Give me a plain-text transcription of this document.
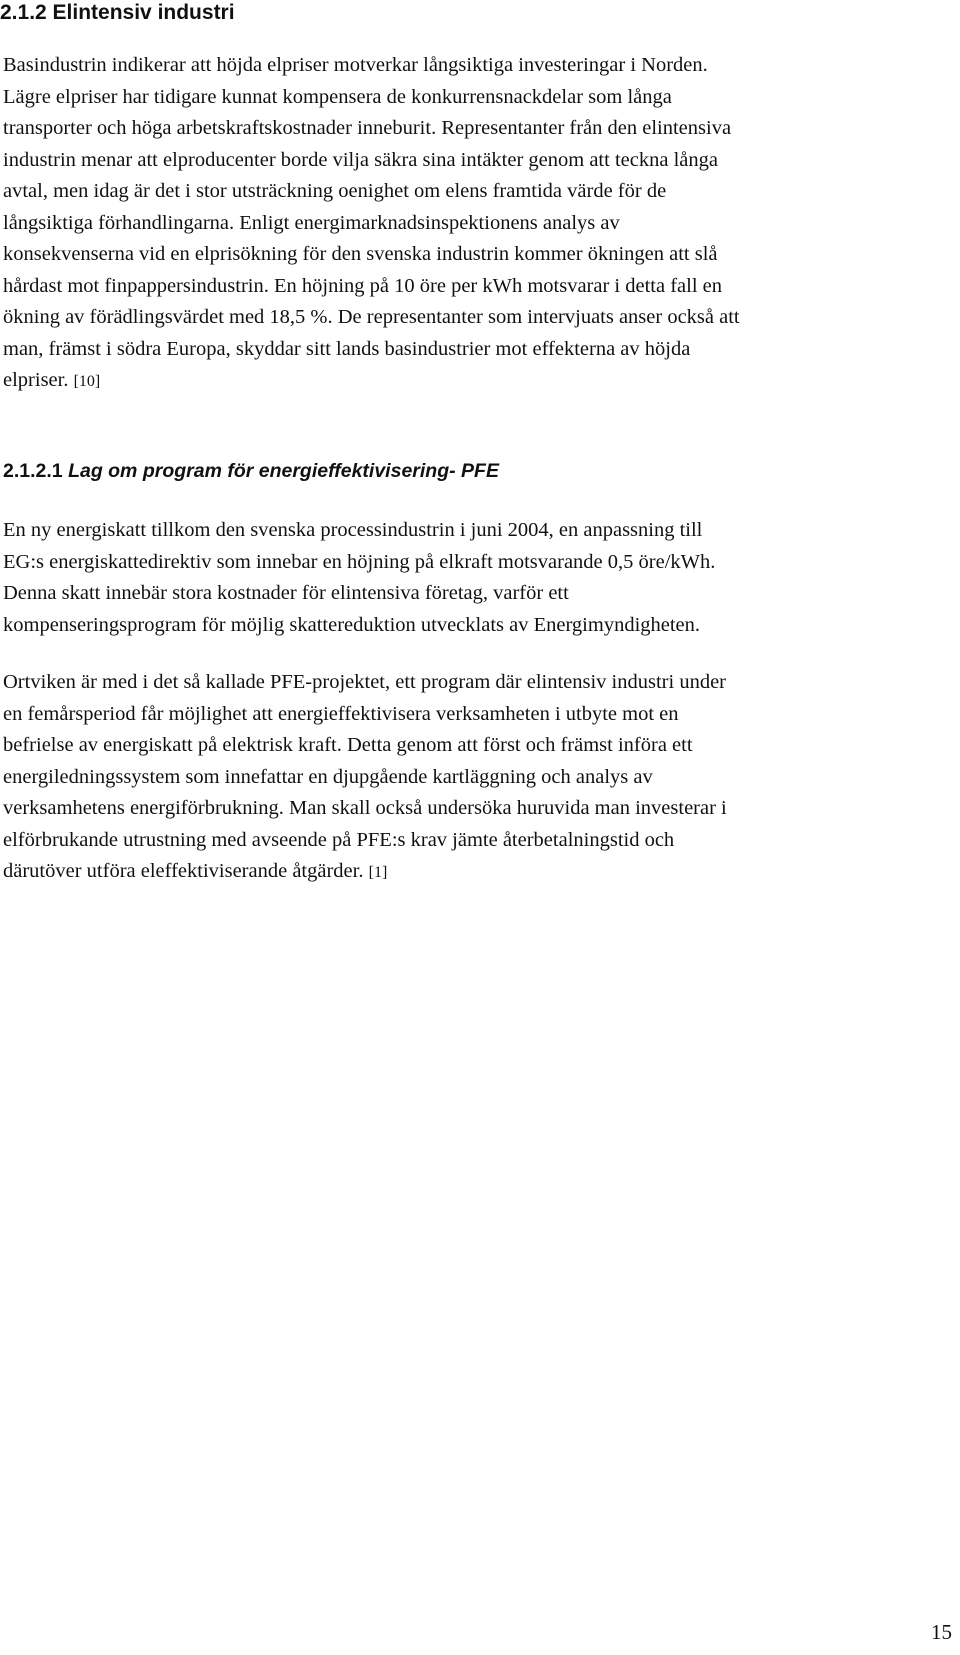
2.1.2 Elintensiv industri
Basindustrin indikerar att höjda elpriser motverkar långsiktiga investeringar i Norden.
Lägre elpriser har tidigare kunnat kompensera de konkurrensnackdelar som långa
transporter och höga arbetskraftskostnader inneburit. Representanter från den elintensiva
industrin menar att elproducenter borde vilja säkra sina intäkter genom att teckna långa
avtal, men idag är det i stor utsträckning oenighet om elens framtida värde för de
långsiktiga förhandlingarna. Enligt energimarknadsinspektionens analys av
konsekvenserna vid en elprisökning för den svenska industrin kommer ökningen att slå
hårdast mot finpappersindustrin. En höjning på 10 öre per kWh motsvarar i detta fall en
ökning av förädlingsvärdet med 18,5 %. De representanter som intervjuats anser också att
man, främst i södra Europa, skyddar sitt lands basindustrier mot effekterna av höjda
elpriser. [10]
2.1.2.1 Lag om program för energieffektivisering- PFE
En ny energiskatt tillkom den svenska processindustrin i juni 2004, en anpassning till
EG:s energiskattedirektiv som innebar en höjning på elkraft motsvarande 0,5 öre/kWh.
Denna skatt innebär stora kostnader för elintensiva företag, varför ett
kompenseringsprogram för möjlig skattereduktion utvecklats av Energimyndigheten.
Ortviken är med i det så kallade PFE-projektet, ett program där elintensiv industri under
en femårsperiod får möjlighet att energieffektivisera verksamheten i utbyte mot en
befrielse av energiskatt på elektrisk kraft. Detta genom att först och främst införa ett
energiledningssystem som innefattar en djupgående kartläggning och analys av
verksamhetens energiförbrukning. Man skall också undersöka huruvida man investerar i
elförbrukande utrustning med avseende på PFE:s krav jämte återbetalningstid och
därutöver utföra eleffektiviserande åtgärder. [1]
15
